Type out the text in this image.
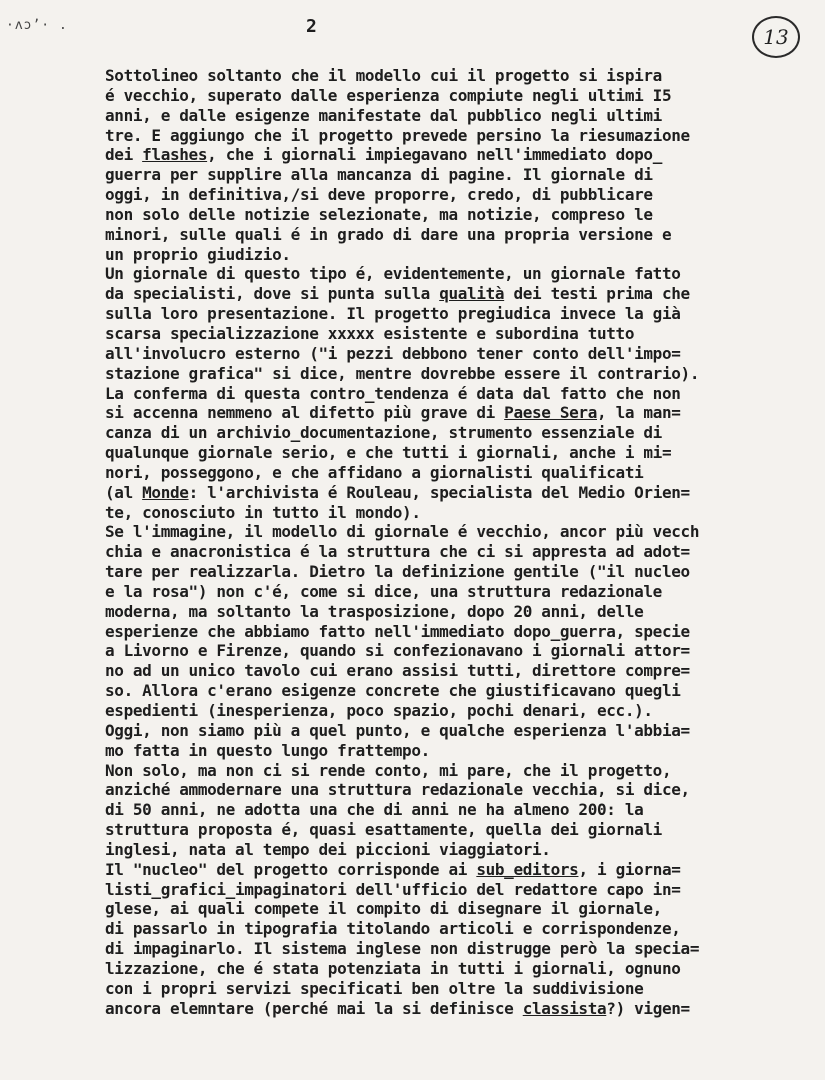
·ʌɔʼ· .	2	13
Sottolineo soltanto che il modello cui il progetto si ispira
é vecchio, superato dalle esperienza compiute negli ultimi I5
anni, e dalle esigenze manifestate dal pubblico negli ultimi
tre. E aggiungo che il progetto prevede persino la riesumazione
dei flashes, che i giornali impiegavano nell'immediato dopo_
guerra per supplire alla mancanza di pagine. Il giornale di
oggi, in definitiva,/si deve proporre, credo, di pubblicare
non solo delle notizie selezionate, ma notizie, compreso le
minori, sulle quali é in grado di dare una propria versione e
un proprio giudizio.
Un giornale di questo tipo é, evidentemente, un giornale fatto
da specialisti, dove si punta sulla qualità dei testi prima che
sulla loro presentazione. Il progetto pregiudica invece la già
scarsa specializzazione xxxxx esistente e subordina tutto
all'involucro esterno ("i pezzi debbono tener conto dell'impo=
stazione grafica" si dice, mentre dovrebbe essere il contrario).
La conferma di questa contro_tendenza é data dal fatto che non
si accenna nemmeno al difetto più grave di Paese Sera, la man=
canza di un archivio_documentazione, strumento essenziale di
qualunque giornale serio, e che tutti i giornali, anche i mi=
nori, posseggono, e che affidano a giornalisti qualificati
(al Monde: l'archivista é Rouleau, specialista del Medio Orien=
te, conosciuto in tutto il mondo).
Se l'immagine, il modello di giornale é vecchio, ancor più vecch
chia e anacronistica é la struttura che ci si appresta ad adot=
tare per realizzarla. Dietro la definizione gentile ("il nucleo
e la rosa") non c'é, come si dice, una struttura redazionale
moderna, ma soltanto la trasposizione, dopo 20 anni, delle
esperienze che abbiamo fatto nell'immediato dopo_guerra, specie
a Livorno e Firenze, quando si confezionavano i giornali attor=
no ad un unico tavolo cui erano assisi tutti, direttore compre=
so. Allora c'erano esigenze concrete che giustificavano quegli
espedienti (inesperienza, poco spazio, pochi denari, ecc.).
Oggi, non siamo più a quel punto, e qualche esperienza l'abbia=
mo fatta in questo lungo frattempo.
Non solo, ma non ci si rende conto, mi pare, che il progetto,
anziché ammodernare una struttura redazionale vecchia, si dice,
di 50 anni, ne adotta una che di anni ne ha almeno 200: la
struttura proposta é, quasi esattamente, quella dei giornali
inglesi, nata al tempo dei piccioni viaggiatori.
Il "nucleo" del progetto corrisponde ai sub_editors, i giorna=
listi_grafici_impaginatori dell'ufficio del redattore capo in=
glese, ai quali compete il compito di disegnare il giornale,
di passarlo in tipografia titolando articoli e corrispondenze,
di impaginarlo. Il sistema inglese non distrugge però la specia=
lizzazione, che é stata potenziata in tutti i giornali, ognuno
con i propri servizi specificati ben oltre la suddivisione
ancora elemntare (perché mai la si definisce classista?) vigen=
